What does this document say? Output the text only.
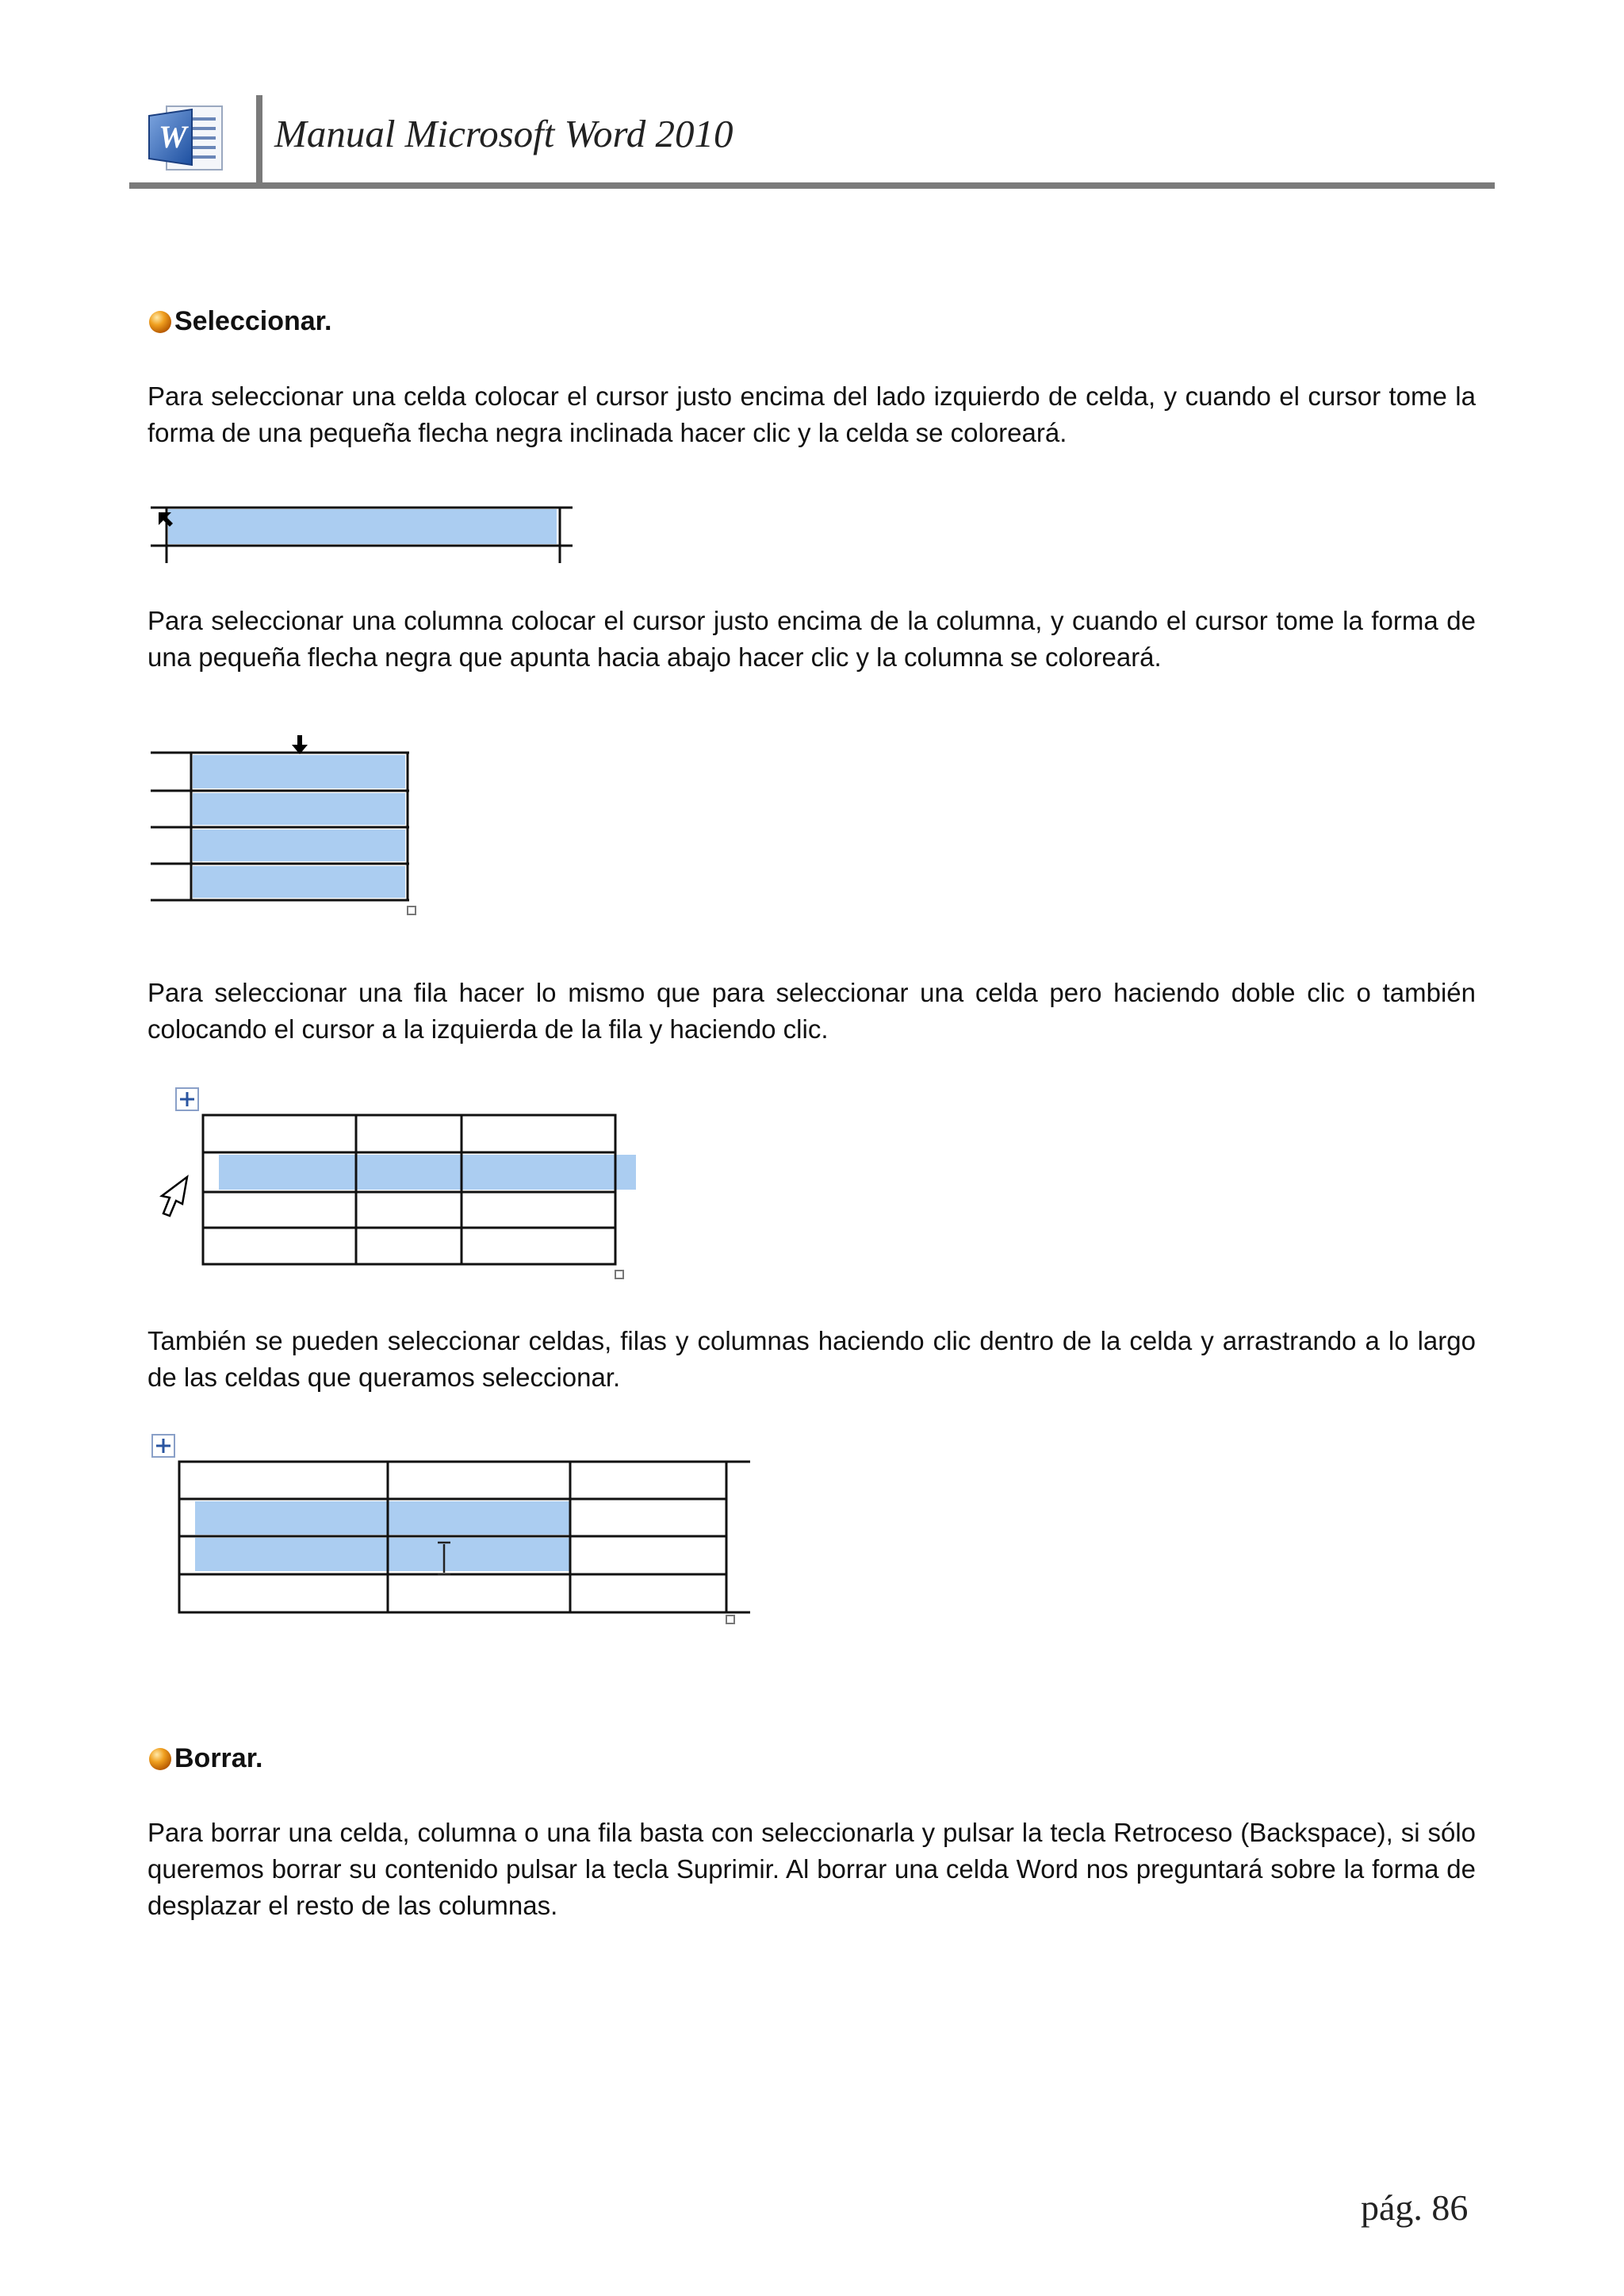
W Manual Microsoft Word 2010
Seleccionar.
Para seleccionar una celda colocar el cursor justo encima del lado izquierdo de celda, y cuando el cursor tome la forma de una pequeña flecha negra inclinada hacer clic y la celda se coloreará.
Para seleccionar una columna colocar el cursor justo encima de la columna, y cuando el cursor tome la forma de una pequeña flecha negra que apunta hacia abajo hacer clic y la columna se coloreará.
Para seleccionar una fila hacer lo mismo que para seleccionar una celda pero haciendo doble clic o también colocando el cursor a la izquierda de la fila y haciendo clic.
También se pueden seleccionar celdas, filas y columnas haciendo clic dentro de la celda y arrastrando a lo largo de las celdas que queramos seleccionar.
Borrar.
Para borrar una celda, columna o una fila basta con seleccionarla y pulsar la tecla Retroceso (Backspace), si sólo queremos borrar su contenido pulsar la tecla Suprimir. Al borrar una celda Word nos preguntará sobre la forma de desplazar el resto de las columnas.
pág. 86
